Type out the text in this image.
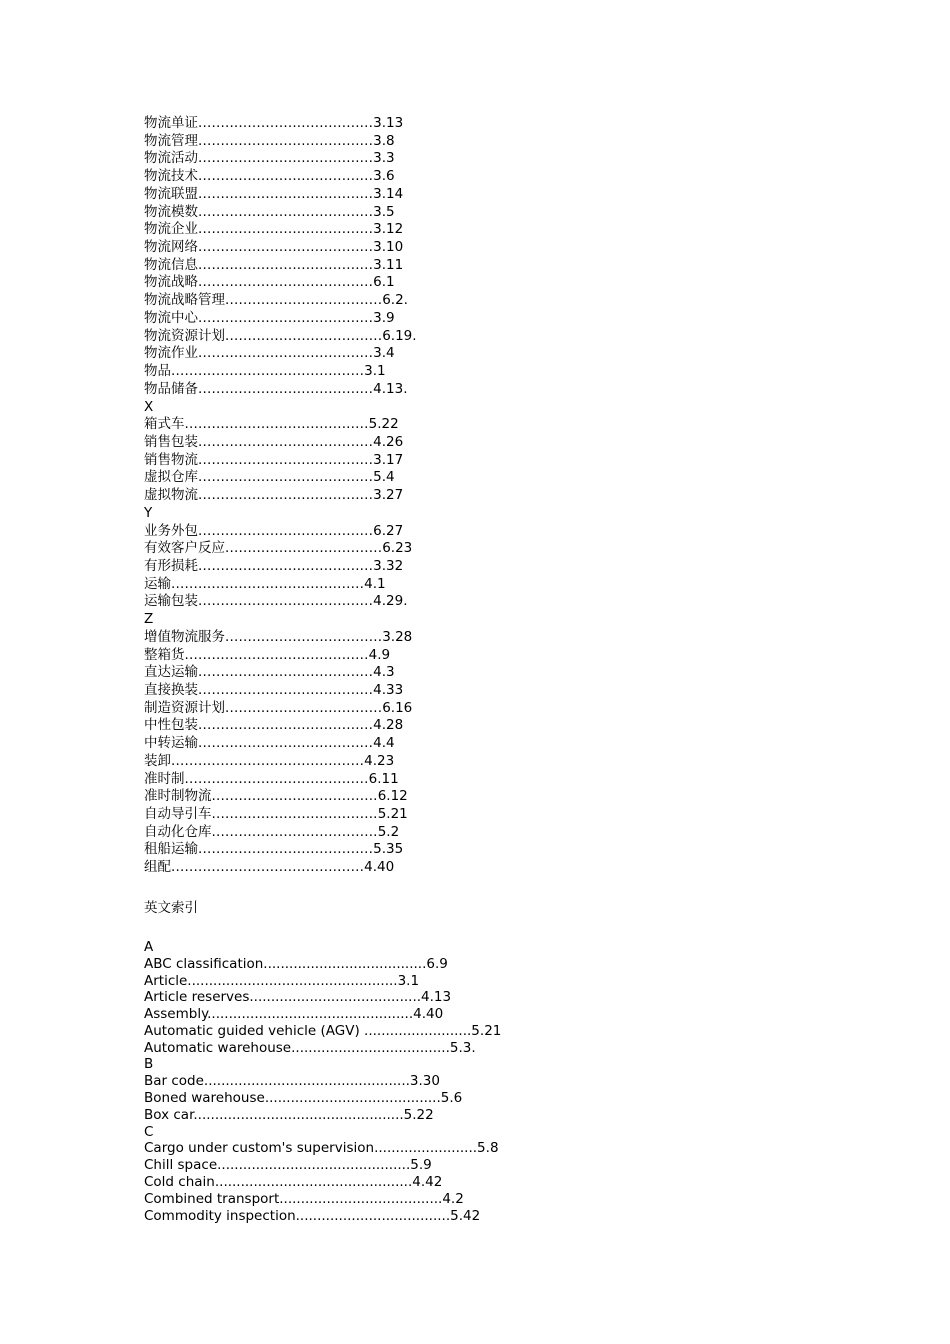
物流单证.......................................3.13
物流管理.......................................3.8
物流活动.......................................3.3
物流技术.......................................3.6
物流联盟.......................................3.14
物流模数.......................................3.5
物流企业.......................................3.12
物流网络.......................................3.10
物流信息.......................................3.11
物流战略.......................................6.1
物流战略管理...................................6.2.
物流中心.......................................3.9
物流资源计划...................................6.19.
物流作业.......................................3.4
物品...........................................3.1
物品储备.......................................4.13.
X
箱式车.........................................5.22
销售包装.......................................4.26
销售物流.......................................3.17
虚拟仓库.......................................5.4
虚拟物流.......................................3.27
Y
业务外包.......................................6.27
有效客户反应...................................6.23
有形损耗.......................................3.32
运输...........................................4.1
运输包装.......................................4.29.
Z
增值物流服务...................................3.28
整箱货.........................................4.9
直达运输.......................................4.3
直接换装.......................................4.33
制造资源计划...................................6.16
中性包装.......................................4.28
中转运输.......................................4.4
装卸...........................................4.23
准时制.........................................6.11
准时制物流.....................................6.12
自动导引车.....................................5.21
自动化仓库.....................................5.2
租船运输.......................................5.35
组配...........................................4.40
英文索引
A
ABC classification......................................6.9
Article.................................................3.1
Article reserves........................................4.13
Assembly................................................4.40
Automatic guided vehicle (AGV) .........................5.21
Automatic warehouse.....................................5.3.
B
Bar code................................................3.30
Boned warehouse.........................................5.6
Box car.................................................5.22
C
Cargo under custom's supervision........................5.8
Chill space.............................................5.9
Cold chain..............................................4.42
Combined transport......................................4.2
Commodity inspection....................................5.42
